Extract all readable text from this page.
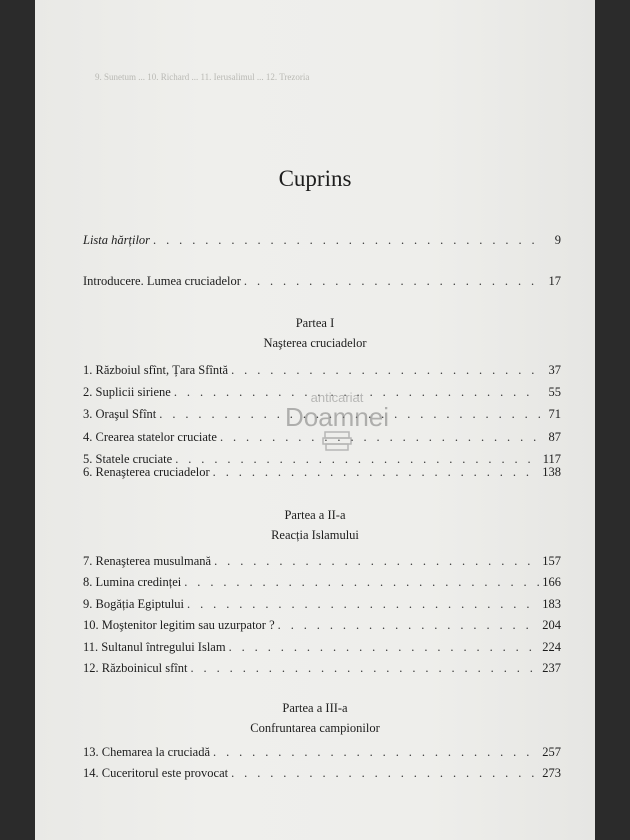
9. Sunetum ... 10. Richard ... 11. Ierusalimul ... 12. Trezoria
Cuprins
Lista hărților . . .	9
Introducere. Lumea cruciadelor . . .	17
Partea I
Naşterea cruciadelor
1. Războiul sfînt, Țara Sfîntă . . .	37
2. Suplicii siriene . . .	55
3. Oraşul Sfînt . . .	71
4. Crearea statelor cruciate . . .	87
5. Statele cruciate . . .	117
6. Renaşterea cruciadelor . . .	138
Partea a II-a
Reacția Islamului
7. Renaşterea musulmană . . .	157
8. Lumina credinței . . .	166
9. Bogăția Egiptului . . .	183
10. Moştenitor legitim sau uzurpator ? . . .	204
11. Sultanul întregului Islam . . .	224
12. Războinicul sfînt . . .	237
Partea a III-a
Confruntarea campionilor
13. Chemarea la cruciadă . . .	257
14. Cuceritorul este provocat . . .	273
anticariat
Doamnei
